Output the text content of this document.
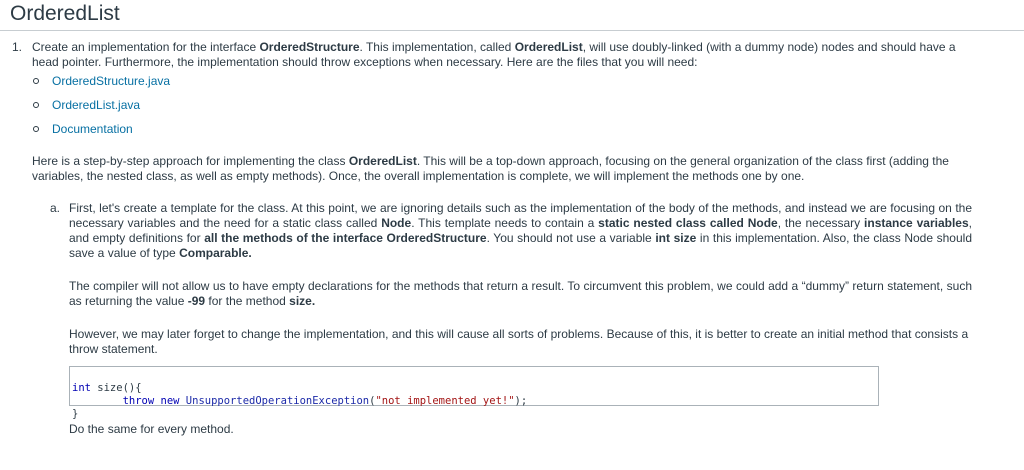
OrderedList
1. Create an implementation for the interface OrderedStructure. This implementation, called OrderedList, will use doubly-linked (with a dummy node) nodes and should have a head pointer. Furthermore, the implementation should throw exceptions when necessary. Here are the files that you will need:

OrderedStructure.java
OrderedList.java
Documentation

Here is a step-by-step approach for implementing the class OrderedList. This will be a top-down approach, focusing on the general organization of the class first (adding the variables, the nested class, as well as empty methods). Once, the overall implementation is complete, we will implement the methods one by one.

a. First, let's create a template for the class. At this point, we are ignoring details such as the implementation of the body of the methods, and instead we are focusing on the necessary variables and the need for a static class called Node. This template needs to contain a static nested class called Node, the necessary instance variables, and empty definitions for all the methods of the interface OrderedStructure. You should not use a variable int size in this implementation. Also, the class Node should save a value of type Comparable.

The compiler will not allow us to have empty declarations for the methods that return a result. To circumvent this problem, we could add a “dummy” return statement, such as returning the value -99 for the method size.

However, we may later forget to change the implementation, and this will cause all sorts of problems. Because of this, it is better to create an initial method that consists a throw statement.

int size(){
throw new UnsupportedOperationException("not implemented yet!");
}

Do the same for every method.
